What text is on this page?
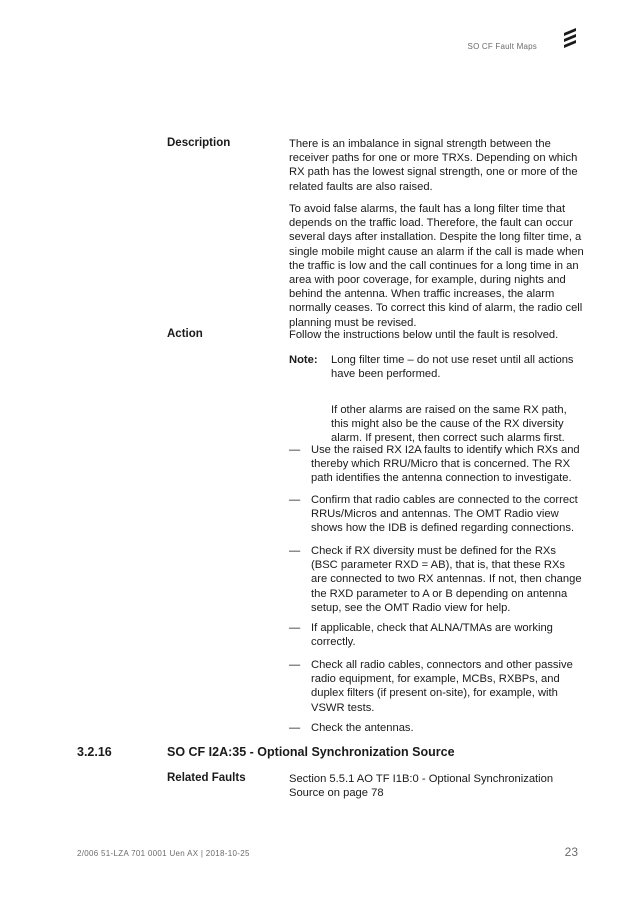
SO CF Fault Maps
Description	There is an imbalance in signal strength between the receiver paths for one or more TRXs. Depending on which RX path has the lowest signal strength, one or more of the related faults are also raised.
To avoid false alarms, the fault has a long filter time that depends on the traffic load. Therefore, the fault can occur several days after installation. Despite the long filter time, a single mobile might cause an alarm if the call is made when the traffic is low and the call continues for a long time in an area with poor coverage, for example, during nights and behind the antenna. When traffic increases, the alarm normally ceases. To correct this kind of alarm, the radio cell planning must be revised.
Action	Follow the instructions below until the fault is resolved.
Note: Long filter time – do not use reset until all actions have been performed.
If other alarms are raised on the same RX path, this might also be the cause of the RX diversity alarm. If present, then correct such alarms first.
— Use the raised RX I2A faults to identify which RXs and thereby which RRU/Micro that is concerned. The RX path identifies the antenna connection to investigate.
— Confirm that radio cables are connected to the correct RRUs/Micros and antennas. The OMT Radio view shows how the IDB is defined regarding connections.
— Check if RX diversity must be defined for the RXs (BSC parameter RXD = AB), that is, that these RXs are connected to two RX antennas. If not, then change the RXD parameter to A or B depending on antenna setup, see the OMT Radio view for help.
— If applicable, check that ALNA/TMAs are working correctly.
— Check all radio cables, connectors and other passive radio equipment, for example, MCBs, RXBPs, and duplex filters (if present on-site), for example, with VSWR tests.
— Check the antennas.
3.2.16	SO CF I2A:35 - Optional Synchronization Source
Related Faults	Section 5.5.1 AO TF I1B:0 - Optional Synchronization Source on page 78
2/006 51-LZA 701 0001 Uen AX | 2018-10-25	23
